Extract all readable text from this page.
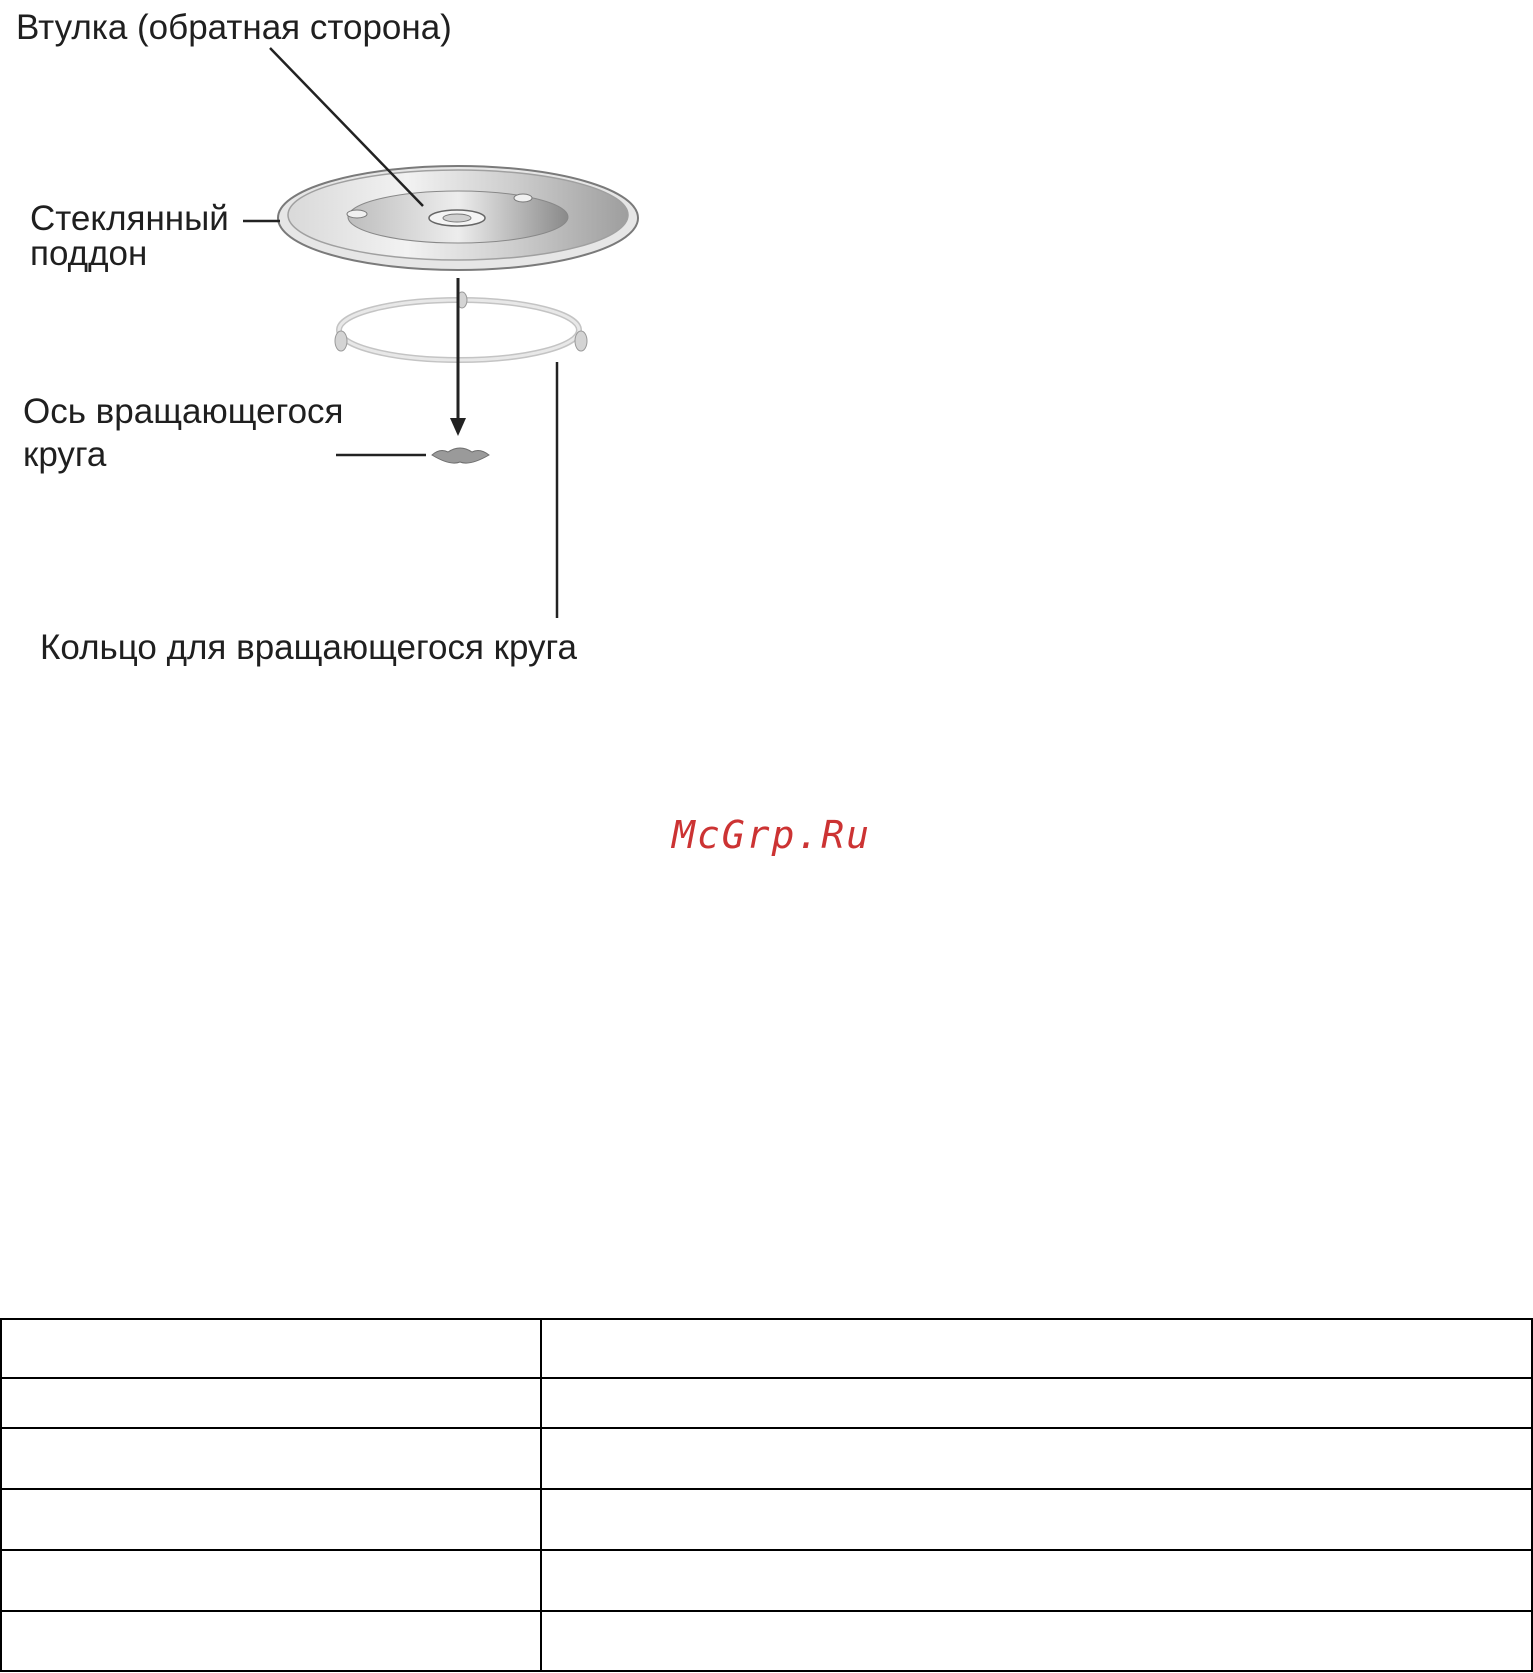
Втулка (обратная сторона)
Стеклянный
поддон
Ось вращающегося
круга
Кольцо для вращающегося круга
McGrp.Ru
